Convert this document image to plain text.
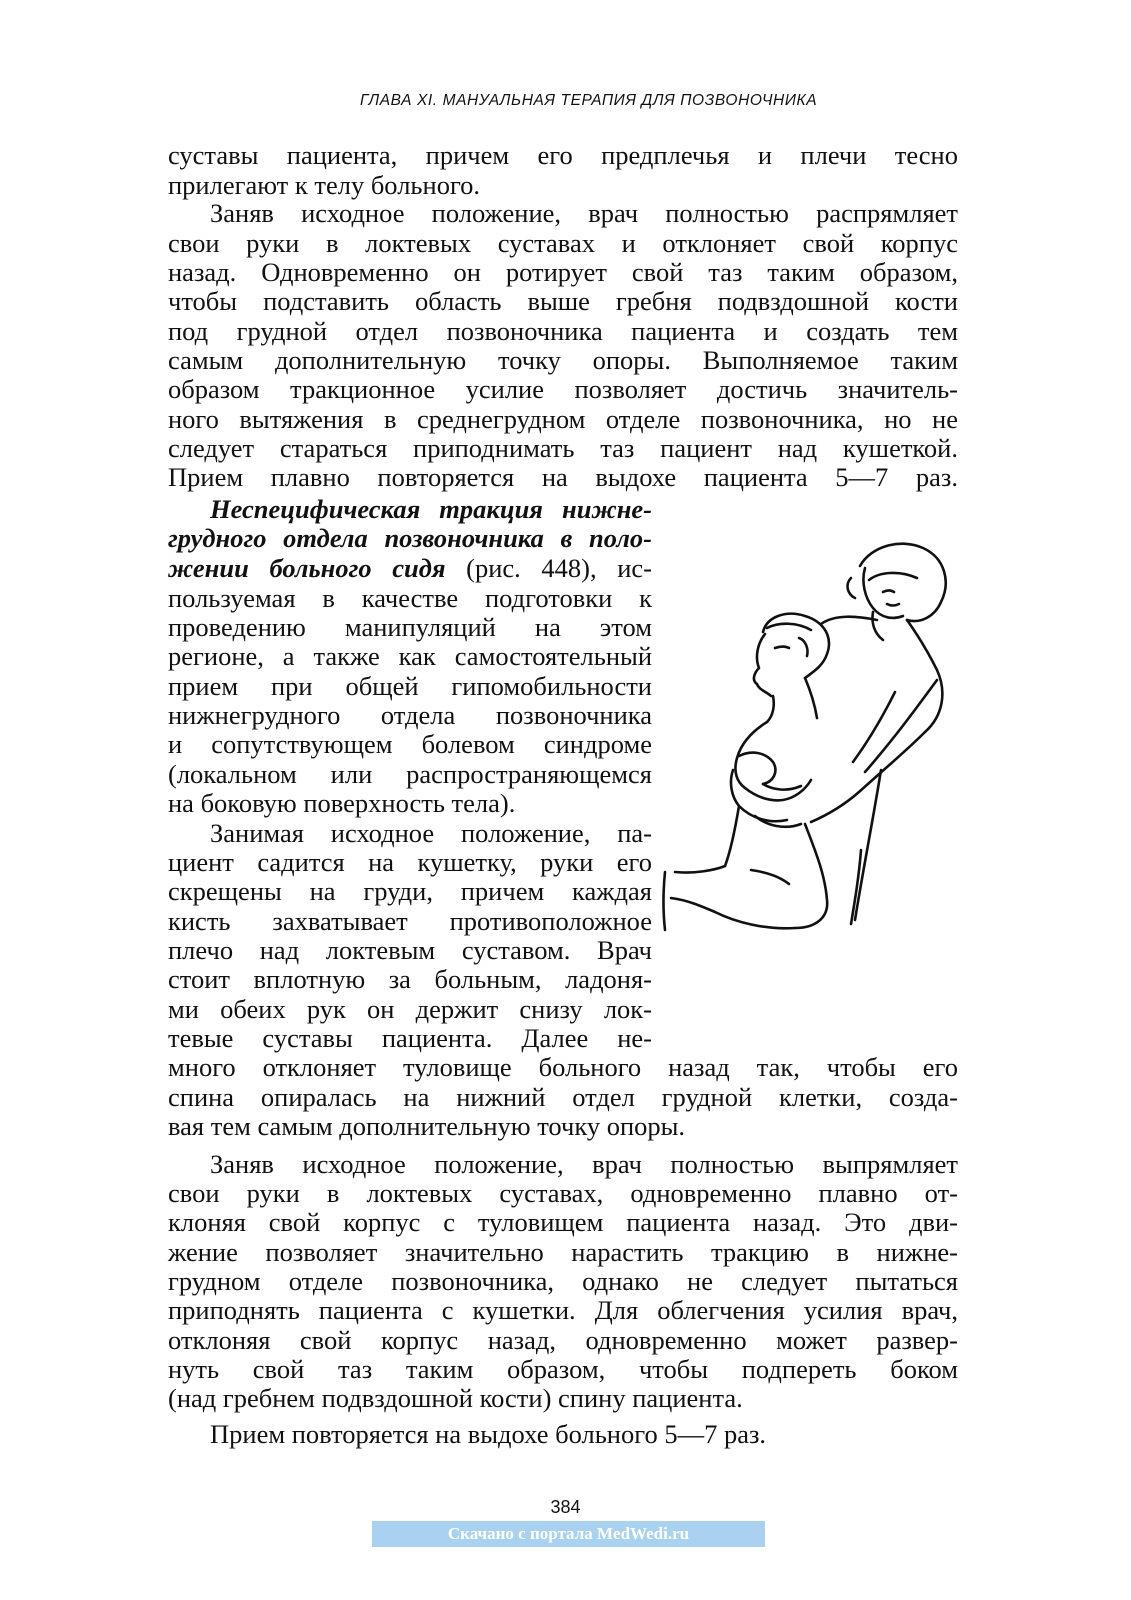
ГЛАВА XI. МАНУАЛЬНАЯ ТЕРАПИЯ ДЛЯ ПОЗВОНОЧНИКА
суставы пациента, причем его предплечья и плечи тесно
прилегают к телу больного.
Заняв исходное положение, врач полностью распрямляет
свои руки в локтевых суставах и отклоняет свой корпус
назад. Одновременно он ротирует свой таз таким образом,
чтобы подставить область выше гребня подвздошной кости
под грудной отдел позвоночника пациента и создать тем
самым дополнительную точку опоры. Выполняемое таким
образом тракционное усилие позволяет достичь значитель-
ного вытяжения в среднегрудном отделе позвоночника, но не
следует стараться приподнимать таз пациент над кушеткой.
Прием плавно повторяется на выдохе пациента 5—7 раз.
Неспецифическая тракция нижне-
грудного отдела позвоночника в поло-
жении больного сидя (рис. 448), ис-
пользуемая в качестве подготовки к
проведению манипуляций на этом
регионе, а также как самостоятельный
прием при общей гипомобильности
нижнегрудного отдела позвоночника
и сопутствующем болевом синдроме
(локальном или распространяющемся
на боковую поверхность тела).
Занимая исходное положение, па-
циент садится на кушетку, руки его
скрещены на груди, причем каждая
кисть захватывает противоположное
плечо над локтевым суставом. Врач
стоит вплотную за больным, ладоня-
ми обеих рук он держит снизу лок-
тевые суставы пациента. Далее не-
много отклоняет туловище больного назад так, чтобы его
спина опиралась на нижний отдел грудной клетки, созда-
вая тем самым дополнительную точку опоры.
Заняв исходное положение, врач полностью выпрямляет
свои руки в локтевых суставах, одновременно плавно от-
клоняя свой корпус с туловищем пациента назад. Это дви-
жение позволяет значительно нарастить тракцию в нижне-
грудном отделе позвоночника, однако не следует пытаться
приподнять пациента с кушетки. Для облегчения усилия врач,
отклоняя свой корпус назад, одновременно может развер-
нуть свой таз таким образом, чтобы подпереть боком
(над гребнем подвздошной кости) спину пациента.
Прием повторяется на выдохе больного 5—7 раз.
384
Скачано с портала MedWedi.ru
